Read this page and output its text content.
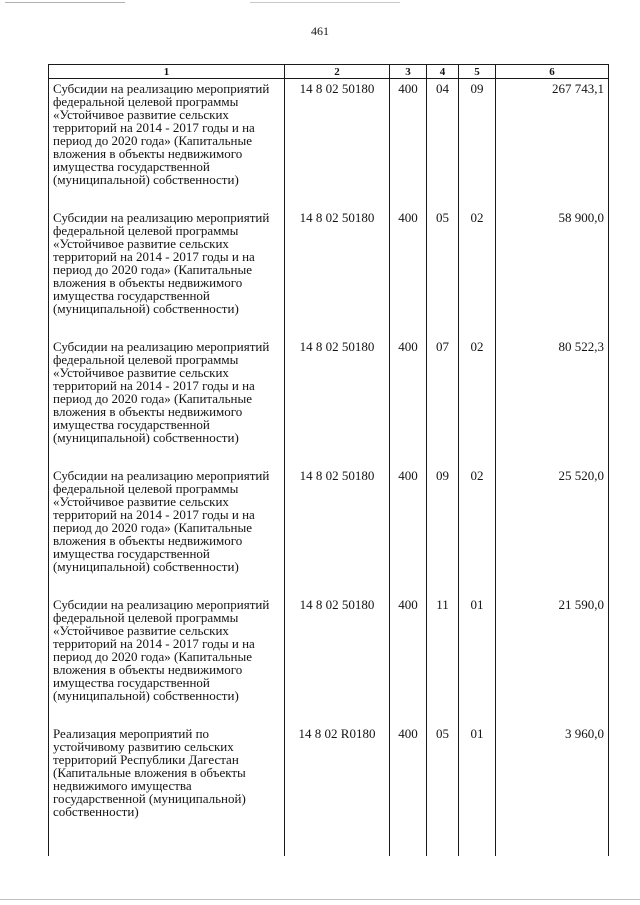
461
1	2	3	4	5	6
Субсидии на реализацию мероприятий федеральной целевой программы «Устойчивое развитие сельских территорий на 2014 - 2017 годы и на период до 2020 года» (Капитальные вложения в объекты недвижимого имущества государственной (муниципальной) собственности)	14 8 02 50180	400	04	09	267 743,1
Субсидии на реализацию мероприятий федеральной целевой программы «Устойчивое развитие сельских территорий на 2014 - 2017 годы и на период до 2020 года» (Капитальные вложения в объекты недвижимого имущества государственной (муниципальной) собственности)	14 8 02 50180	400	05	02	58 900,0
Субсидии на реализацию мероприятий федеральной целевой программы «Устойчивое развитие сельских территорий на 2014 - 2017 годы и на период до 2020 года» (Капитальные вложения в объекты недвижимого имущества государственной (муниципальной) собственности)	14 8 02 50180	400	07	02	80 522,3
Субсидии на реализацию мероприятий федеральной целевой программы «Устойчивое развитие сельских территорий на 2014 - 2017 годы и на период до 2020 года» (Капитальные вложения в объекты недвижимого имущества государственной (муниципальной) собственности)	14 8 02 50180	400	09	02	25 520,0
Субсидии на реализацию мероприятий федеральной целевой программы «Устойчивое развитие сельских территорий на 2014 - 2017 годы и на период до 2020 года» (Капитальные вложения в объекты недвижимого имущества государственной (муниципальной) собственности)	14 8 02 50180	400	11	01	21 590,0
Реализация мероприятий по устойчивому развитию сельских территорий Республики Дагестан (Капитальные вложения в объекты недвижимого имущества государственной (муниципальной) собственности)	14 8 02 R0180	400	05	01	3 960,0
